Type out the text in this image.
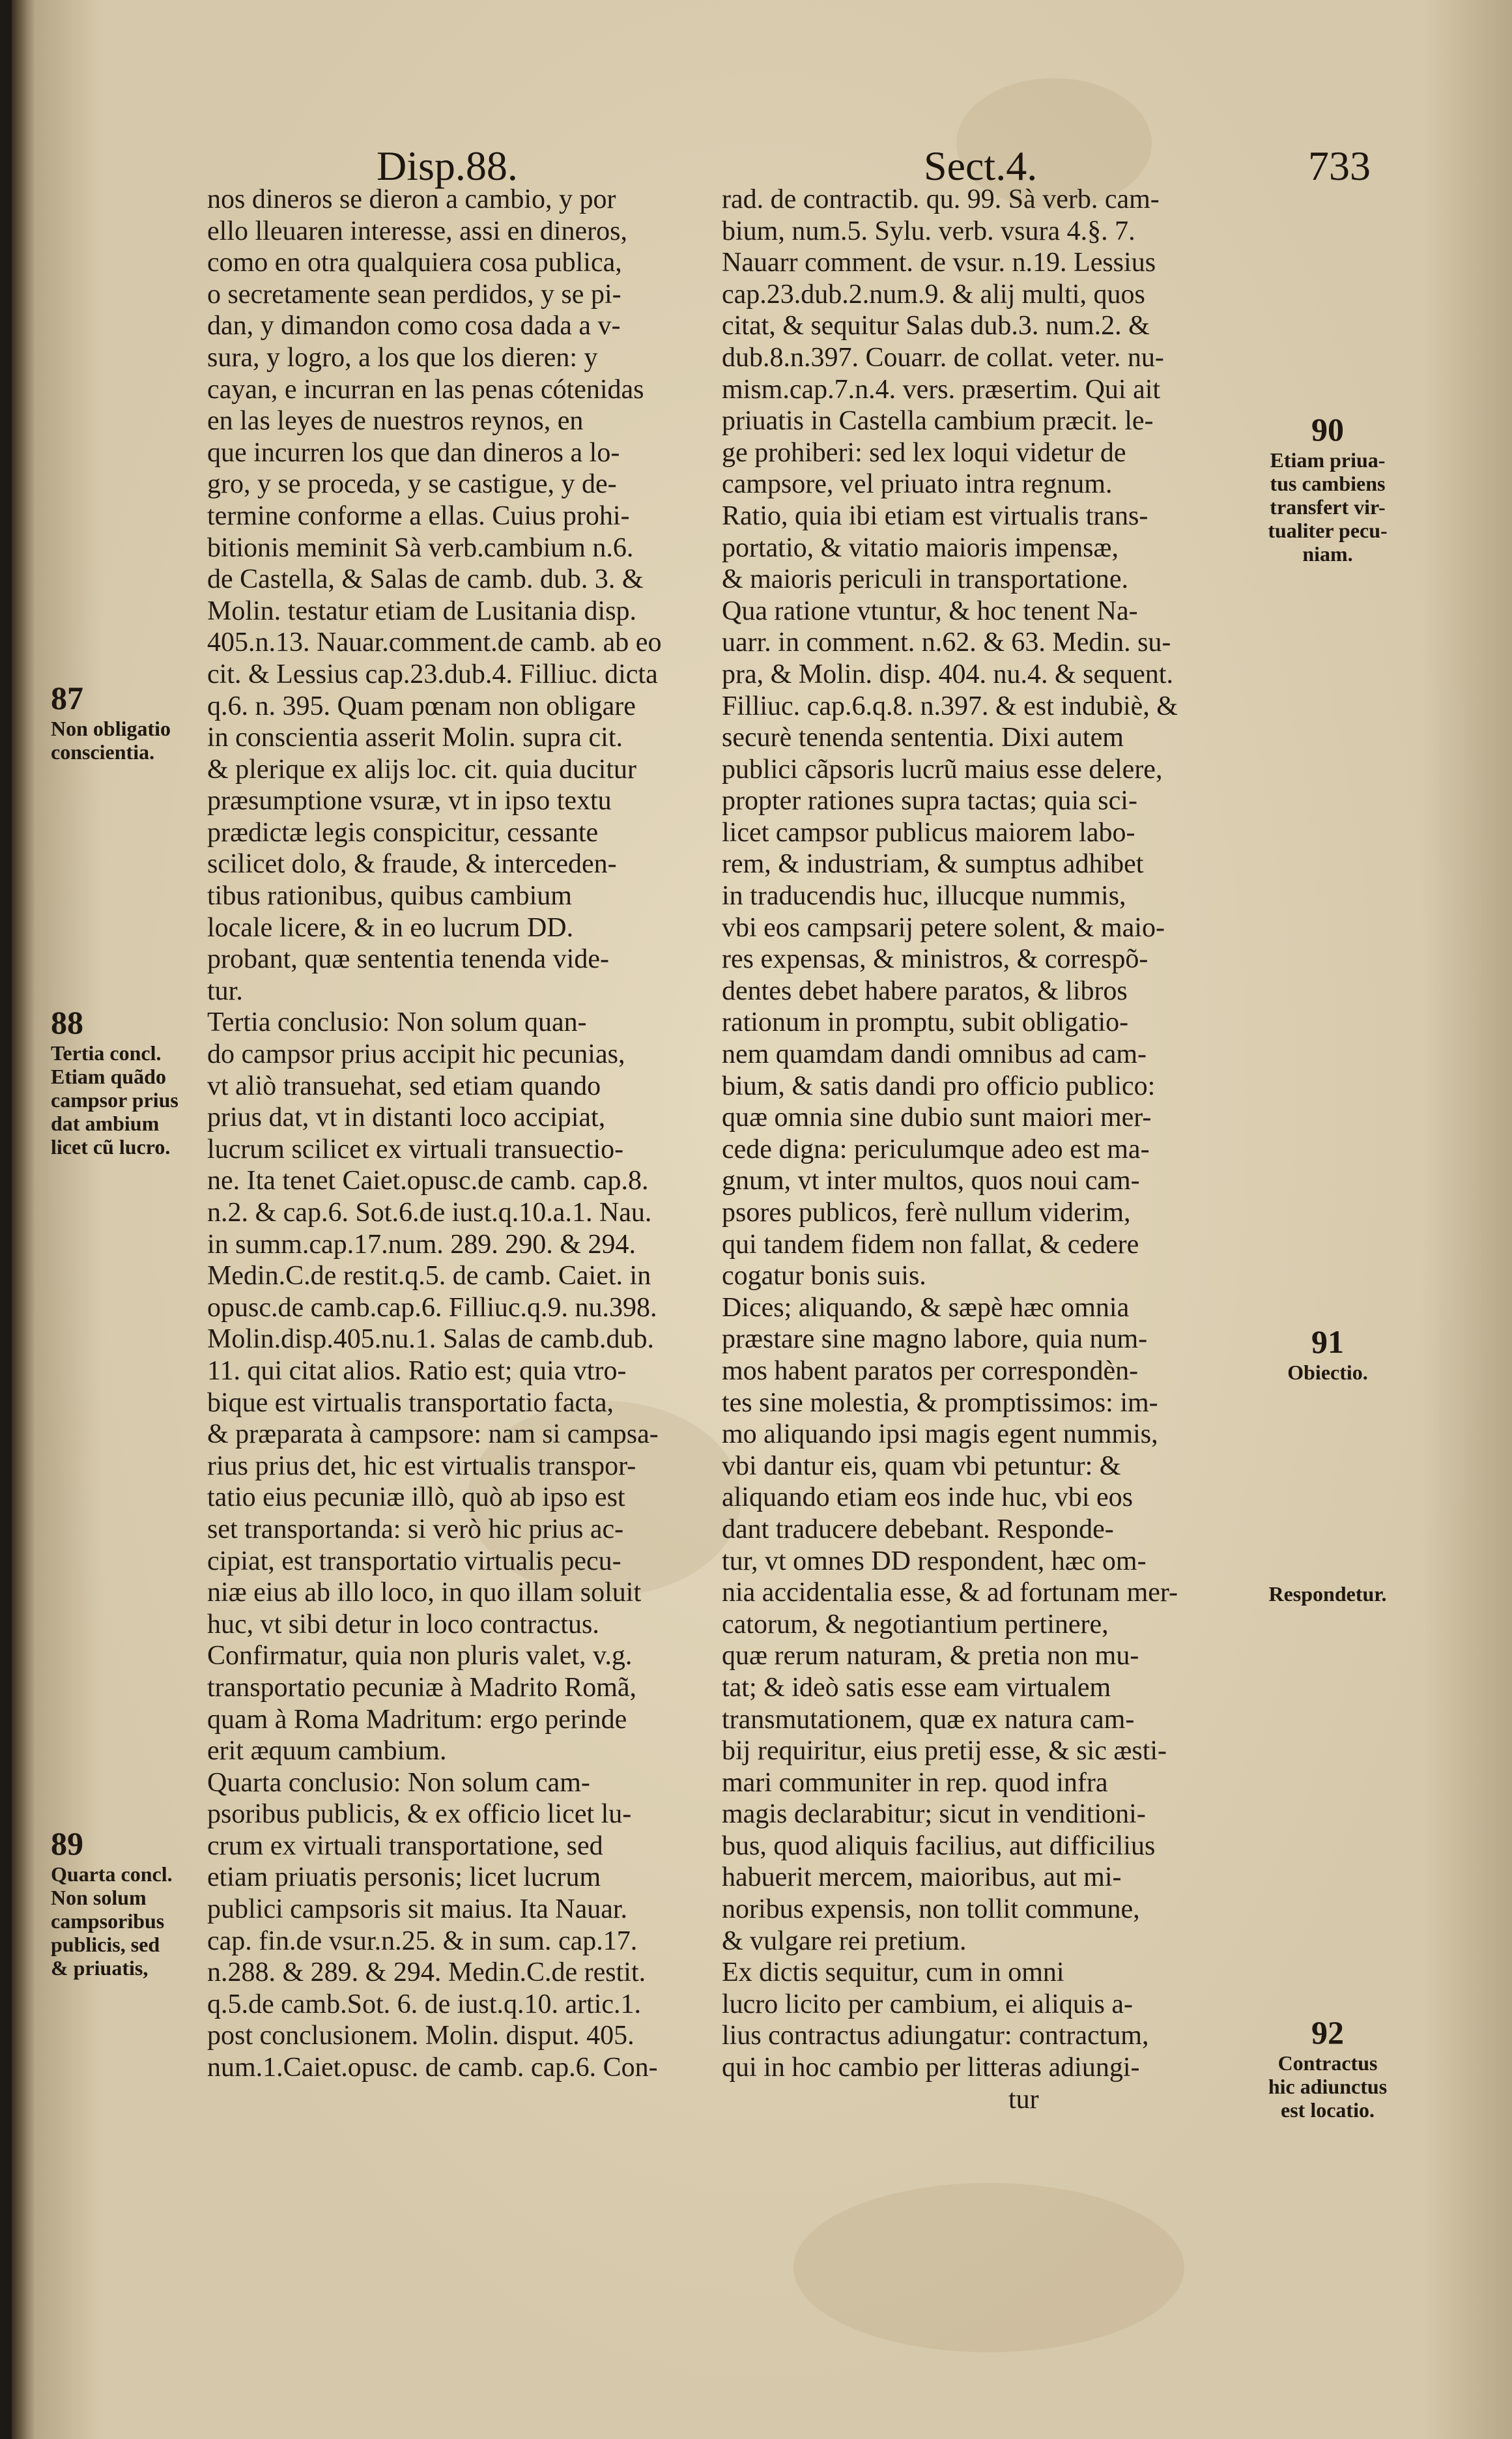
Disp.88.	Sect.4.	733
nos dineros se dieron a cambio, y por
ello lleuaren interesse, assi en dineros,
como en otra qualquiera cosa publica,
o secretamente sean perdidos, y se pi-
dan, y dimandon como cosa dada a v-
sura, y logro, a los que los dieren: y
cayan, e incurran en las penas cótenidas
en las leyes de nuestros reynos, en
que incurren los que dan dineros a lo-
gro, y se proceda, y se castigue, y de-
termine conforme a ellas. Cuius prohi-
bitionis meminit Sà verb.cambium n.6.
de Castella, & Salas de camb. dub. 3. &
Molin. testatur etiam de Lusitania disp.
405.n.13. Nauar.comment.de camb. ab eo
cit. & Lessius cap.23.dub.4. Filliuc. dicta
q.6. n. 395. Quam pœnam non obligare
in conscientia asserit Molin. supra cit.
& plerique ex alijs loc. cit. quia ducitur
præsumptione vsuræ, vt in ipso textu
prædictæ legis conspicitur, cessante
scilicet dolo, & fraude, & interceden-
tibus rationibus, quibus cambium
locale licere, & in eo lucrum DD.
probant, quæ sententia tenenda vide-
tur.
Tertia conclusio: Non solum quan-
do campsor prius accipit hic pecunias,
vt aliò transuehat, sed etiam quando
prius dat, vt in distanti loco accipiat,
lucrum scilicet ex virtuali transuectio-
ne. Ita tenet Caiet.opusc.de camb. cap.8.
n.2. & cap.6. Sot.6.de iust.q.10.a.1. Nau.
in summ.cap.17.num. 289. 290. & 294.
Medin.C.de restit.q.5. de camb. Caiet. in
opusc.de camb.cap.6. Filliuc.q.9. nu.398.
Molin.disp.405.nu.1. Salas de camb.dub.
11. qui citat alios. Ratio est; quia vtro-
bique est virtualis transportatio facta,
& præparata à campsore: nam si campsa-
rius prius det, hic est virtualis transpor-
tatio eius pecuniæ illò, quò ab ipso est
set transportanda: si verò hic prius ac-
cipiat, est transportatio virtualis pecu-
niæ eius ab illo loco, in quo illam soluit
huc, vt sibi detur in loco contractus.
Confirmatur, quia non pluris valet, v.g.
transportatio pecuniæ à Madrito Romã,
quam à Roma Madritum: ergo perinde
erit æquum cambium.
Quarta conclusio: Non solum cam-
psoribus publicis, & ex officio licet lu-
crum ex virtuali transportatione, sed
etiam priuatis personis; licet lucrum
publici campsoris sit maius. Ita Nauar.
cap. fin.de vsur.n.25. & in sum. cap.17.
n.288. & 289. & 294. Medin.C.de restit.
q.5.de camb.Sot. 6. de iust.q.10. artic.1.
post conclusionem. Molin. disput. 405.
num.1.Caiet.opusc. de camb. cap.6. Con-
rad. de contractib. qu. 99. Sà verb. cam-
bium, num.5. Sylu. verb. vsura 4.§. 7.
Nauarr comment. de vsur. n.19. Lessius
cap.23.dub.2.num.9. & alij multi, quos
citat, & sequitur Salas dub.3. num.2. &
dub.8.n.397. Couarr. de collat. veter. nu-
mism.cap.7.n.4. vers. præsertim. Qui ait
priuatis in Castella cambium præcit. le-
ge prohiberi: sed lex loqui videtur de
campsore, vel priuato intra regnum.
Ratio, quia ibi etiam est virtualis trans-
portatio, & vitatio maioris impensæ,
& maioris periculi in transportatione.
Qua ratione vtuntur, & hoc tenent Na-
uarr. in comment. n.62. & 63. Medin. su-
pra, & Molin. disp. 404. nu.4. & sequent.
Filliuc. cap.6.q.8. n.397. & est indubiè, &
securè tenenda sententia. Dixi autem
publici cãpsoris lucrũ maius esse delere,
propter rationes supra tactas; quia sci-
licet campsor publicus maiorem labo-
rem, & industriam, & sumptus adhibet
in traducendis huc, illucque nummis,
vbi eos campsarij petere solent, & maio-
res expensas, & ministros, & correspõ-
dentes debet habere paratos, & libros
rationum in promptu, subit obligatio-
nem quamdam dandi omnibus ad cam-
bium, & satis dandi pro officio publico:
quæ omnia sine dubio sunt maiori mer-
cede digna: periculumque adeo est ma-
gnum, vt inter multos, quos noui cam-
psores publicos, ferè nullum viderim,
qui tandem fidem non fallat, & cedere
cogatur bonis suis.
Dices; aliquando, & sæpè hæc omnia
præstare sine magno labore, quia num-
mos habent paratos per correspondèn-
tes sine molestia, & promptissimos: im-
mo aliquando ipsi magis egent nummis,
vbi dantur eis, quam vbi petuntur: &
aliquando etiam eos inde huc, vbi eos
dant traducere debebant. Responde-
tur, vt omnes DD respondent, hæc om-
nia accidentalia esse, & ad fortunam mer-
catorum, & negotiantium pertinere,
quæ rerum naturam, & pretia non mu-
tat; & ideò satis esse eam virtualem
transmutationem, quæ ex natura cam-
bij requiritur, eius pretij esse, & sic æsti-
mari communiter in rep. quod infra
magis declarabitur; sicut in venditioni-
bus, quod aliquis facilius, aut difficilius
habuerit mercem, maioribus, aut mi-
noribus expensis, non tollit commune,
& vulgare rei pretium.
Ex dictis sequitur, cum in omni
lucro licito per cambium, ei aliquis a-
lius contractus adiungatur: contractum,
qui in hoc cambio per litteras adiungi-
tur
87
Non obligatio
conscientia.
88
Tertia concl.
Etiam quãdo
campsor prius
dat ambium
licet cũ lucro.
89
Quarta concl.
Non solum
campsoribus
publicis, sed
& priuatis,
90
Etiam priua-
tus cambiens
transfert vir-
tualiter pecu-
niam.
91
Obiectio.
Respondetur.
92
Contractus
hic adiunctus
est locatio.
